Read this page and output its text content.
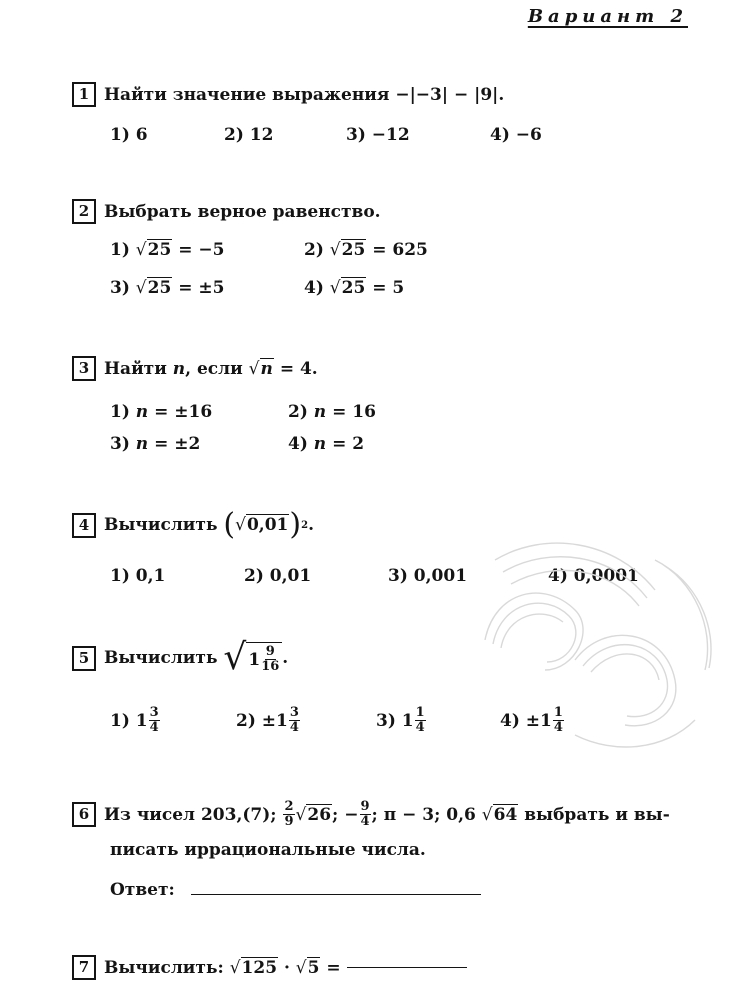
Вариант 2
1 Найти значение выражения −|−3| − |9|.
1) 6	2) 12	3) −12	4) −6
2 Выбрать верное равенство.
1) √25 = −5	2) √25 = 625
3) √25 = ±5	4) √25 = 5
3 Найти
n , если
√n
= 4.
1) n = ±16	2) n = 16
3) n = ±2	4) n = 2
4 Вычислить
( √0,01 ) 2 .
1) 0,1	2) 0,01	3) 0,001	4) 0,0001
5 Вычислить
√ $1 \frac{9}{16}$ .
1)
$1 \frac{3}{4}$	2)
± $1 \frac{3}{4}$	3)
$1 \frac{1}{4}$	4)
± $1 \frac{1}{4}$
6 Из чисел 203,(7);
$\frac{2}{9} √26$ ; − $\frac{9}{4}$ ; π − 3; 0,6
√64
выбрать и вы-
писать иррациональные числа.
Ответ:
7 Вычислить:
√125
·
√5
=
